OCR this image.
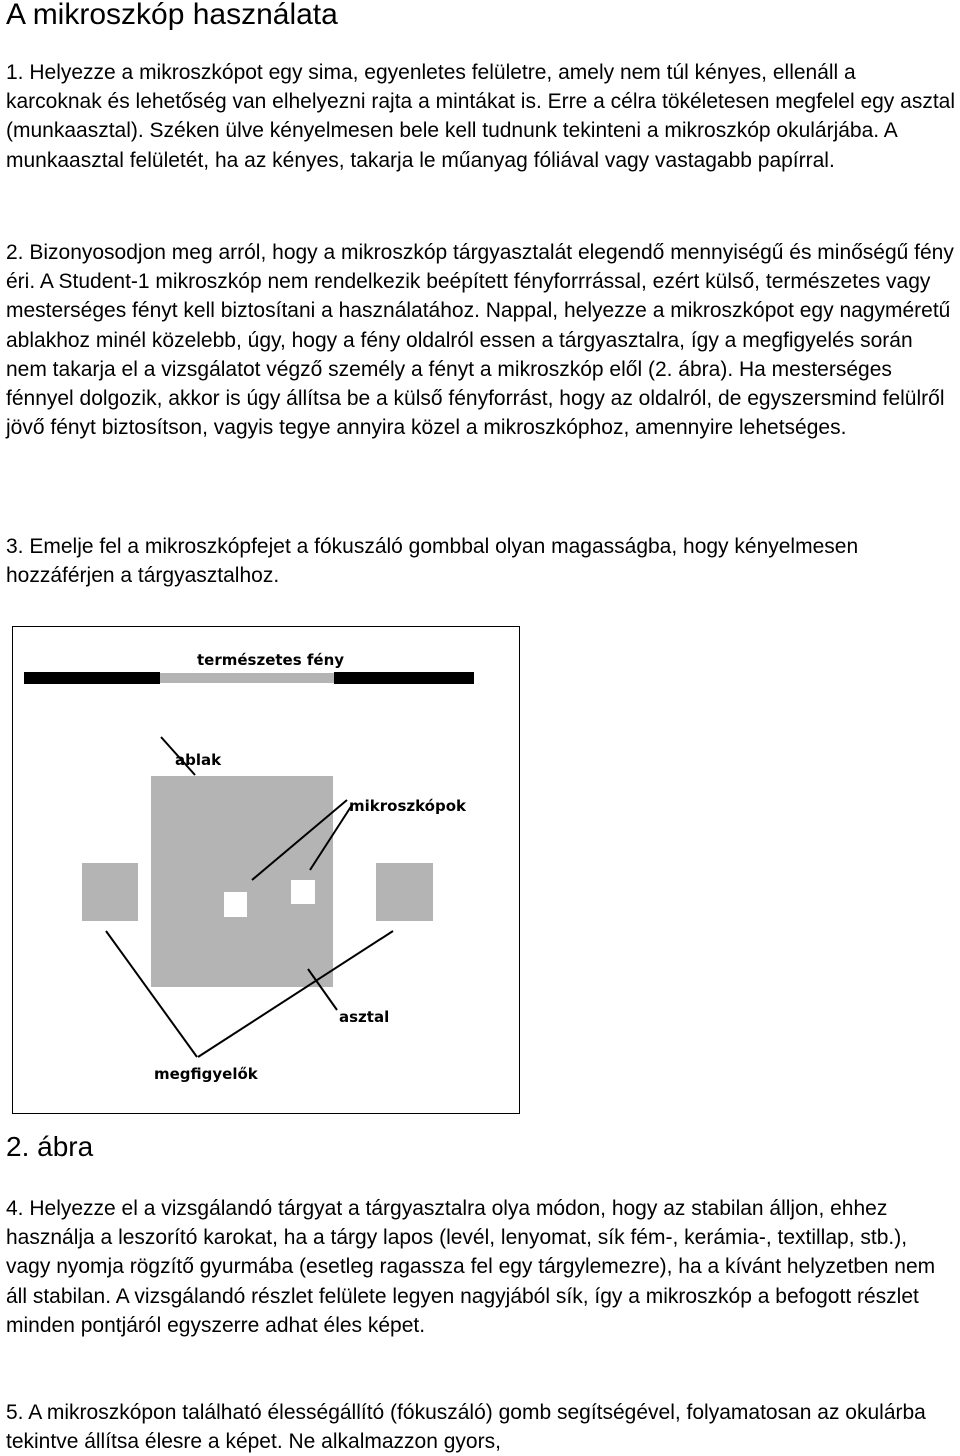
A mikroszkóp használata

1. Helyezze a mikroszkópot egy sima, egyenletes felületre, amely nem túl kényes, ellenáll a karcoknak és lehetőség van elhelyezni rajta a mintákat is. Erre a célra tökéletesen megfelel egy asztal (munkaasztal). Széken ülve kényelmesen bele kell tudnunk tekinteni a mikroszkóp okulárjába. A munkaasztal felületét, ha az kényes, takarja le műanyag fóliával vagy vastagabb papírral.

2. Bizonyosodjon meg arról, hogy a mikroszkóp tárgyasztalát elegendő mennyiségű és minőségű fény éri. A Student-1 mikroszkóp nem rendelkezik beépített fényforrrással, ezért külső, természetes vagy mesterséges fényt kell biztosítani a használatához. Nappal, helyezze a mikroszkópot egy nagyméretű ablakhoz minél közelebb, úgy, hogy a fény oldalról essen a tárgyasztalra, így a megfigyelés során nem takarja el a vizsgálatot végző személy a fényt a mikroszkóp elől (2. ábra). Ha mesterséges fénnyel dolgozik, akkor is úgy állítsa be a külső fényforrást, hogy az oldalról, de egyszersmind felülről jövő fényt biztosítson, vagyis tegye annyira közel a mikroszkóphoz, amennyire lehetséges.

3. Emelje fel a mikroszkópfejet a fókuszáló gombbal olyan magasságba, hogy kényelmesen hozzáférjen a tárgyasztalhoz.

természetes fény
ablak
mikroszkópok
asztal
megfigyelők

2. ábra

4. Helyezze el a vizsgálandó tárgyat a tárgyasztalra olya módon, hogy az stabilan álljon, ehhez használja a leszorító karokat, ha a tárgy lapos (levél, lenyomat, sík fém-, kerámia-, textillap, stb.), vagy nyomja rögzítő gyurmába (esetleg ragassza fel egy tárgylemezre), ha a kívánt helyzetben nem áll stabilan. A vizsgálandó részlet felülete legyen nagyjából sík, így a mikroszkóp a befogott részlet minden pontjáról egyszerre adhat éles képet.

5. A mikroszkópon található élességállító (fókuszáló) gomb segítségével, folyamatosan az okulárba tekintve állítsa élesre a képet. Ne alkalmazzon gyors,
